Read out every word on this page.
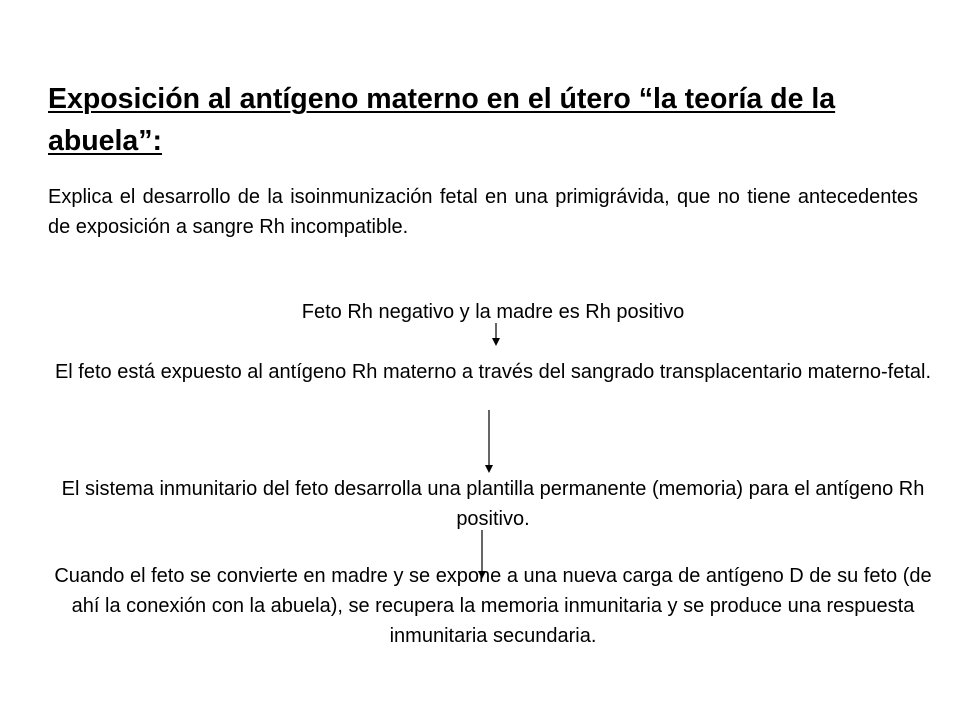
Exposición al antígeno materno en el útero “la teoría de la abuela”:

Explica el desarrollo de la isoinmunización fetal en una primigrávida, que no tiene antecedentes de exposición a sangre Rh incompatible.

Feto Rh negativo y la madre es Rh positivo

El feto está expuesto al antígeno Rh materno a través del sangrado transplacentario materno-fetal.

El sistema inmunitario del feto desarrolla una plantilla permanente (memoria) para el antígeno Rh positivo.

Cuando el feto se convierte en madre y se expone a una nueva carga de antígeno D de su feto (de ahí la conexión con la abuela), se recupera la memoria inmunitaria y se produce una respuesta inmunitaria secundaria.
